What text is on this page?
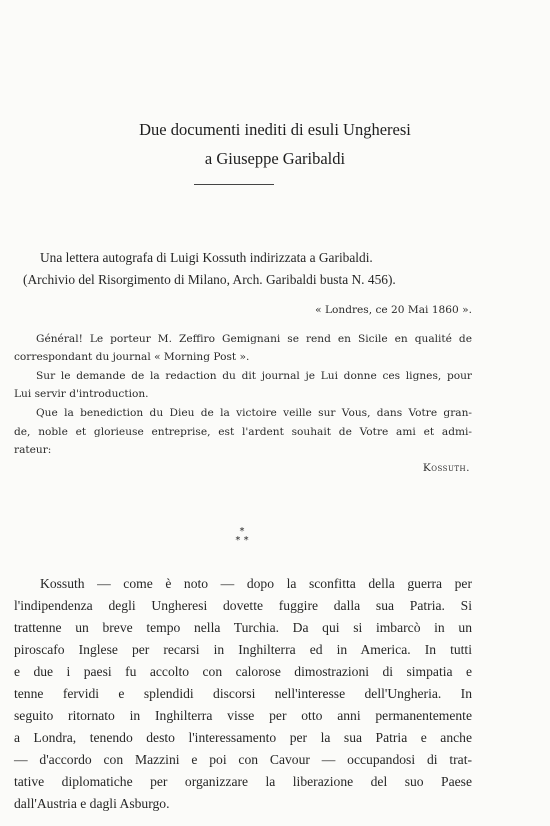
Due documenti inediti di esuli Ungheresi
a Giuseppe Garibaldi
Una lettera autografa di Luigi Kossuth indirizzata a Garibaldi.
(Archivio del Risorgimento di Milano, Arch. Garibaldi busta N. 456).
« Londres, ce 20 Mai 1860 ».
Général! Le porteur M. Zeffiro Gemignani se rend en Sicile en qualité de
correspondant du journal « Morning Post ».
Sur le demande de la redaction du dit journal je Lui donne ces lignes, pour
Lui servir d'introduction.
Que la benediction du Dieu de la victoire veille sur Vous, dans Votre gran-
de, noble et glorieuse entreprise, est l'ardent souhait de Votre ami et admi-
rateur:
Kossuth.
*
* *
Kossuth — come è noto — dopo la sconfitta della guerra per
l'indipendenza degli Ungheresi dovette fuggire dalla sua Patria. Si
trattenne un breve tempo nella Turchia. Da qui si imbarcò in un
piroscafo Inglese per recarsi in Inghilterra ed in America. In tutti
e due i paesi fu accolto con calorose dimostrazioni di simpatia e
tenne fervidi e splendidi discorsi nell'interesse dell'Ungheria. In
seguito ritornato in Inghilterra visse per otto anni permanentemente
a Londra, tenendo desto l'interessamento per la sua Patria e anche
— d'accordo con Mazzini e poi con Cavour — occupandosi di trat-
tative diplomatiche per organizzare la liberazione del suo Paese
dall'Austria e dagli Asburgo.
